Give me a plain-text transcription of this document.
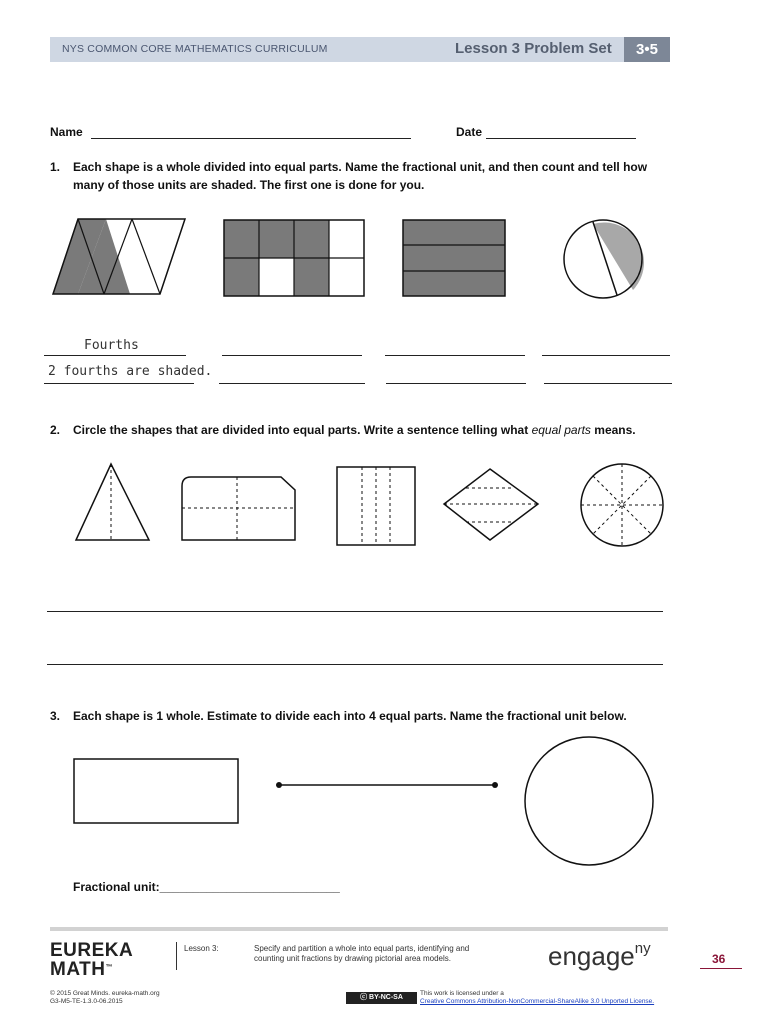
NYS COMMON CORE MATHEMATICS CURRICULUM	Lesson 3 Problem Set	3•5
Name	Date
1. Each shape is a whole divided into equal parts. Name the fractional unit, and then count and tell how
many of those units are shaded. The first one is done for you.
Fourths
2 fourths are shaded.
2. Circle the shapes that are divided into equal parts. Write a sentence telling what equal parts means.
3. Each shape is 1 whole. Estimate to divide each into 4 equal parts. Name the fractional unit below.
Fractional unit:___________________________
EUREKA
MATH™
Lesson 3:	Specify and partition a whole into equal parts, identifying and
counting unit fractions by drawing pictorial area models.	engage$^{ny}$
36
© 2015 Great Minds. eureka-math.org
G3-M5-TE-1.3.0-06.2015
ⓒ BY-NC-SA
This work is licensed under a
Creative Commons Attribution-NonCommercial-ShareAlike 3.0 Unported License.
